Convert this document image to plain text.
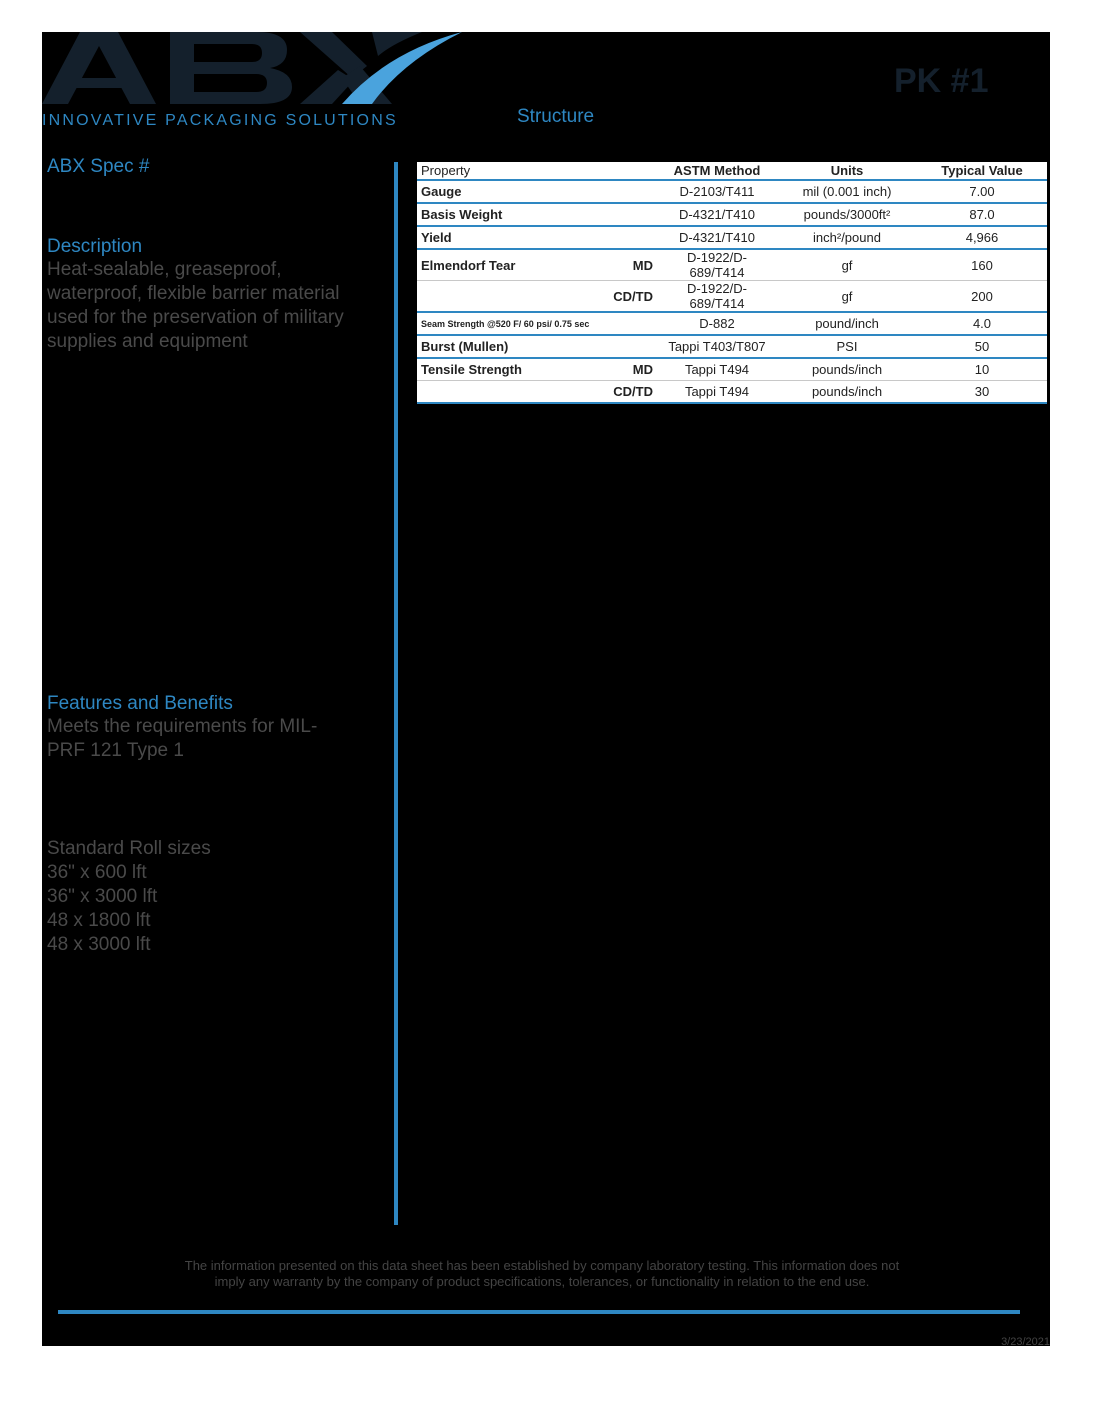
INNOVATIVE PACKAGING SOLUTIONS
PK #1
Structure

ABX Spec #

Description

Heat-sealable, greaseproof,

waterproof, flexible barrier material

used for the preservation of military

supplies and equipment

Features and Benefits

Meets the requirements for MIL-

PRF 121 Type 1

Standard Roll sizes

36" x 600 lft

36" x 3000 lft

48 x 1800 lft

48 x 3000 lft

Property		ASTM Method	Units	Typical Value
Gauge		D-2103/T411	mil (0.001 inch)	7.00
Basis Weight		D-4321/T410	pounds/3000ft²	87.0
Yield		D-4321/T410	inch²/pound	4,966
Elmendorf Tear	MD	D-1922/D-689/T414	gf	160
	CD/TD	D-1922/D-689/T414	gf	200
Seam Strength @520 F/ 60 psi/ 0.75 sec		D-882	pound/inch	4.0
Burst (Mullen)		Tappi T403/T807	PSI	50
Tensile Strength	MD	Tappi T494	pounds/inch	10
	CD/TD	Tappi T494	pounds/inch	30
The information presented on this data sheet has been established by company laboratory testing. This information does not
imply any warranty by the company of product specifications, tolerances, or functionality in relation to the end use.
3/23/2021
